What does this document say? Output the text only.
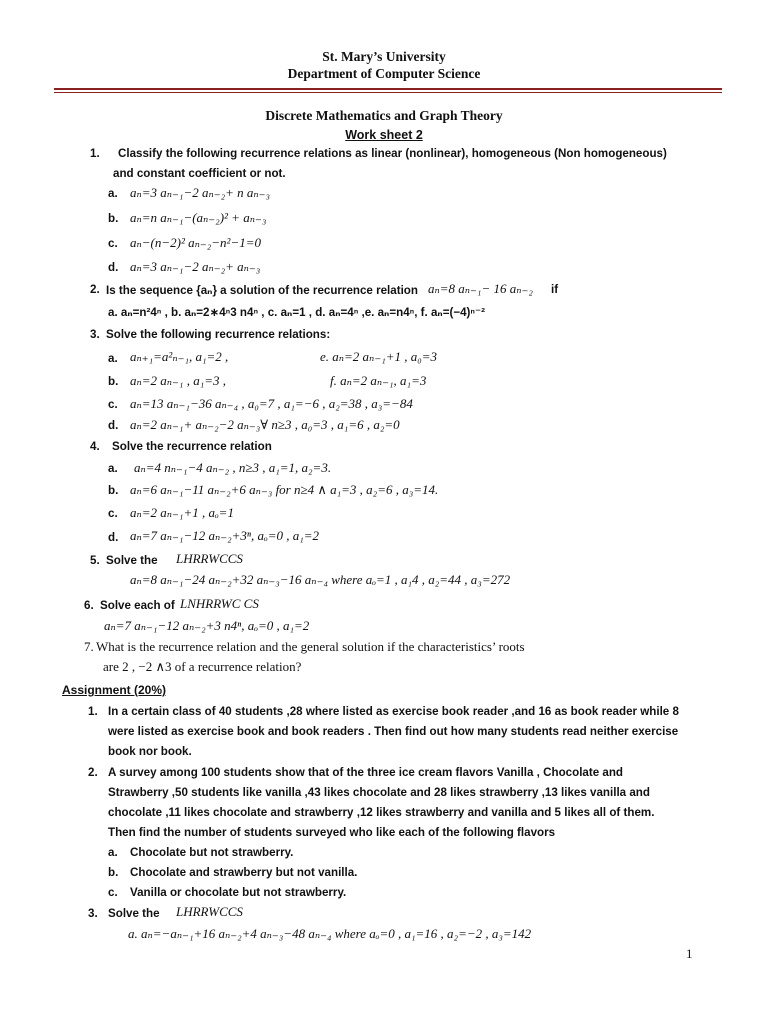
St. Mary’s University
Department of Computer Science
Discrete Mathematics and Graph Theory
Work sheet 2
1. Classify the following recurrence relations as linear (nonlinear), homogeneous (Non homogeneous)
and constant coefficient or not.
a. aₙ=3 aₙ₋₁−2 aₙ₋₂+ n aₙ₋₃
b. aₙ=n aₙ₋₁−(aₙ₋₂)² + aₙ₋₃
c. aₙ−(n−2)² aₙ₋₂−n²−1=0
d. aₙ=3 aₙ₋₁−2 aₙ₋₂+ aₙ₋₃
2. Is the sequence {aₙ} a solution of the recurrence relation aₙ=8 aₙ₋₁− 16 aₙ₋₂ if
a. aₙ=n²4ⁿ , b. aₙ=2∗4ⁿ3 n4ⁿ , c. aₙ=1 , d. aₙ=4ⁿ ,e. aₙ=n4ⁿ, f. aₙ=(−4)ⁿ⁻²
3. Solve the following recurrence relations:
a. aₙ₊₁=a²ₙ₋₁, a₁=2 ,	e. aₙ=2 aₙ₋₁+1 , a₀=3
b. aₙ=2 aₙ₋₁ , a₁=3 ,	f. aₙ=2 aₙ₋₁, a₁=3
c. aₙ=13 aₙ₋₁−36 aₙ₋₄ , a₀=7 , a₁=−6 , a₂=38 , a₃=−84
d. aₙ=2 aₙ₋₁+ aₙ₋₂−2 aₙ₋₃∀ n≥3 , a₀=3 , a₁=6 , a₂=0
4. Solve the recurrence relation
a. aₙ=4 nₙ₋₁−4 aₙ₋₂ , n≥3 , a₁=1, a₂=3.
b. aₙ=6 aₙ₋₁−11 aₙ₋₂+6 aₙ₋₃ for n≥4 ∧ a₁=3 , a₂=6 , a₃=14.
c. aₙ=2 aₙ₋₁+1 , aₒ=1
d. aₙ=7 aₙ₋₁−12 aₙ₋₂+3ⁿ, aₒ=0 , a₁=2
5. Solve the LHRRWCCS
aₙ=8 aₙ₋₁−24 aₙ₋₂+32 aₙ₋₃−16 aₙ₋₄ where aₒ=1 , a₁4 , a₂=44 , a₃=272
6. Solve each of LNHRRWC CS
aₙ=7 aₙ₋₁−12 aₙ₋₂+3 n4ⁿ, aₒ=0 , a₁=2
7. What is the recurrence relation and the general solution if the characteristics’ roots
are 2 , −2 ∧3 of a recurrence relation?
Assignment (20%)
1. In a certain class of 40 students ,28 where listed as exercise book reader ,and 16 as book reader while 8
were listed as exercise book and book readers . Then find out how many students read neither exercise
book nor book.
2. A survey among 100 students show that of the three ice cream flavors Vanilla , Chocolate and
Strawberry ,50 students like vanilla ,43 likes chocolate and 28 likes strawberry ,13 likes vanilla and
chocolate ,11 likes chocolate and strawberry ,12 likes strawberry and vanilla and 5 likes all of them.
Then find the number of students surveyed who like each of the following flavors
a. Chocolate but not strawberry.
b. Chocolate and strawberry but not vanilla.
c. Vanilla or chocolate but not strawberry.
3. Solve the LHRRWCCS
a. aₙ=−aₙ₋₁+16 aₙ₋₂+4 aₙ₋₃−48 aₙ₋₄ where aₒ=0 , a₁=16 , a₂=−2 , a₃=142
1
